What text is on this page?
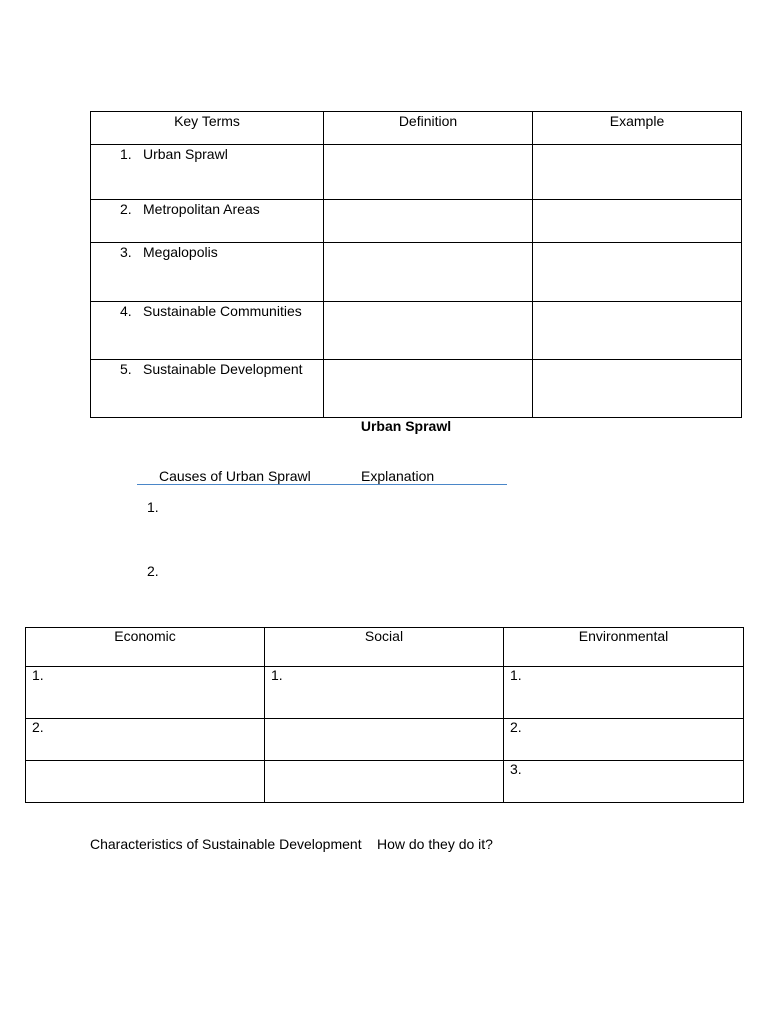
Key Terms	Definition	Example

1. Urban Sprawl		

2. Metropolitan Areas		

3. Megalopolis		

4. Sustainable Communities		

5. Sustainable Development		

Urban Sprawl
Causes of Urban Sprawl	Explanation
1.
2.
Economic	Social	Environmental
1.	1.	1.
2.		2.
		3.
Characteristics of Sustainable Development How do they do it?
